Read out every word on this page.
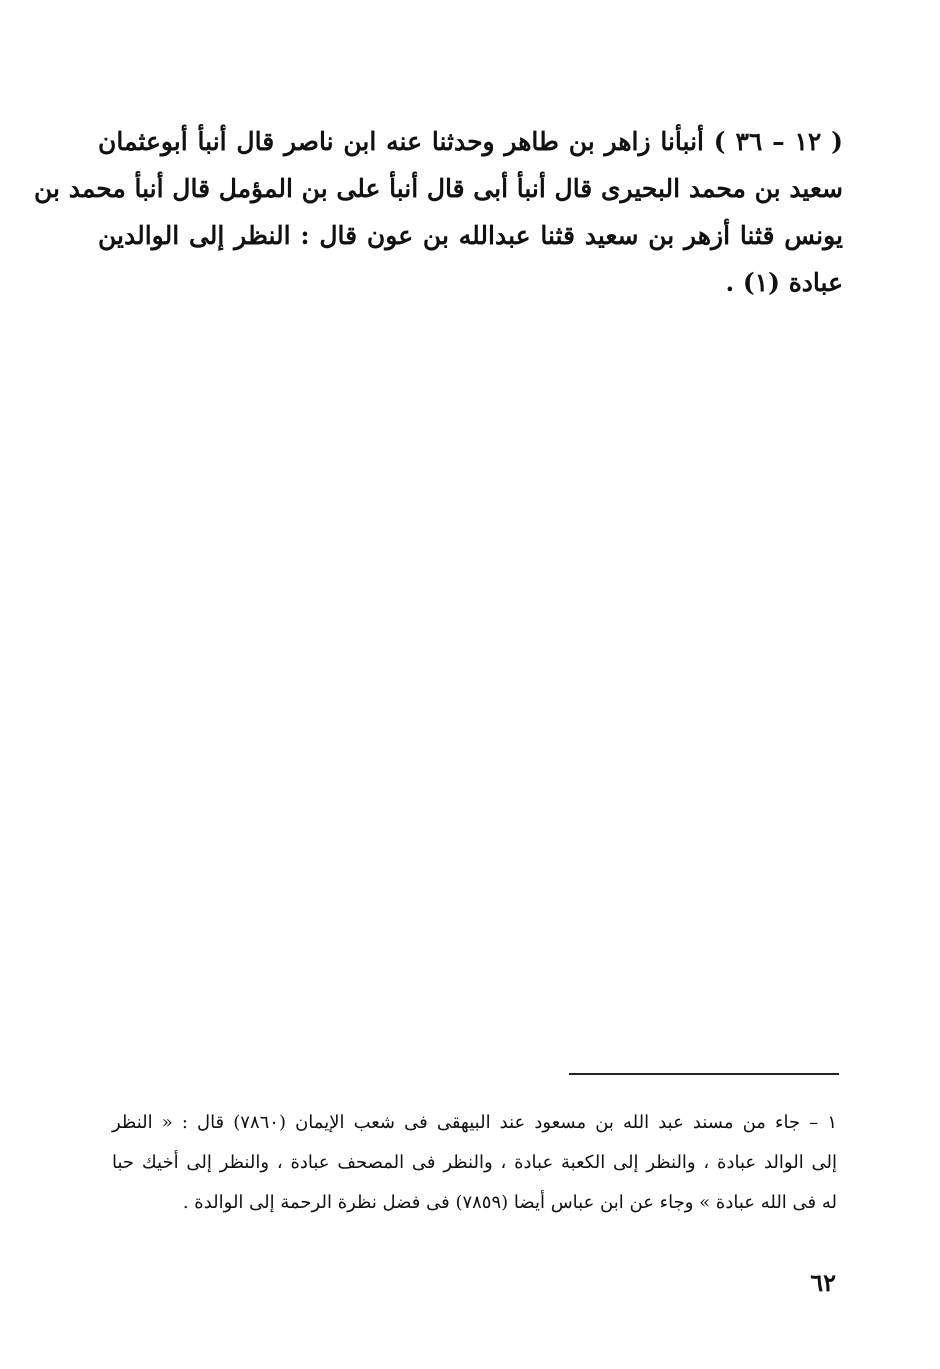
( ١٢ – ٣٦ ) أنبأنا زاهر بن طاهر وحدثنا عنه ابن ناصر قال أنبأ أبوعثمان
سعيد بن محمد البحيرى قال أنبأ أبى قال أنبأ على بن المؤمل قال أنبأ محمد بن
يونس قثنا أزهر بن سعيد قثنا عبدالله بن عون قال : النظر إلى الوالدين
عبادة (١) .
١ – جاء من مسند عبد الله بن مسعود عند البيهقى فى شعب الإيمان (٧٨٦٠) قال : « النظر
إلى الوالد عبادة ، والنظر إلى الكعبة عبادة ، والنظر فى المصحف عبادة ، والنظر إلى أخيك حبا
له فى الله عبادة » وجاء عن ابن عباس أيضا (٧٨٥٩) فى فضل نظرة الرحمة إلى الوالدة .
٦٢
